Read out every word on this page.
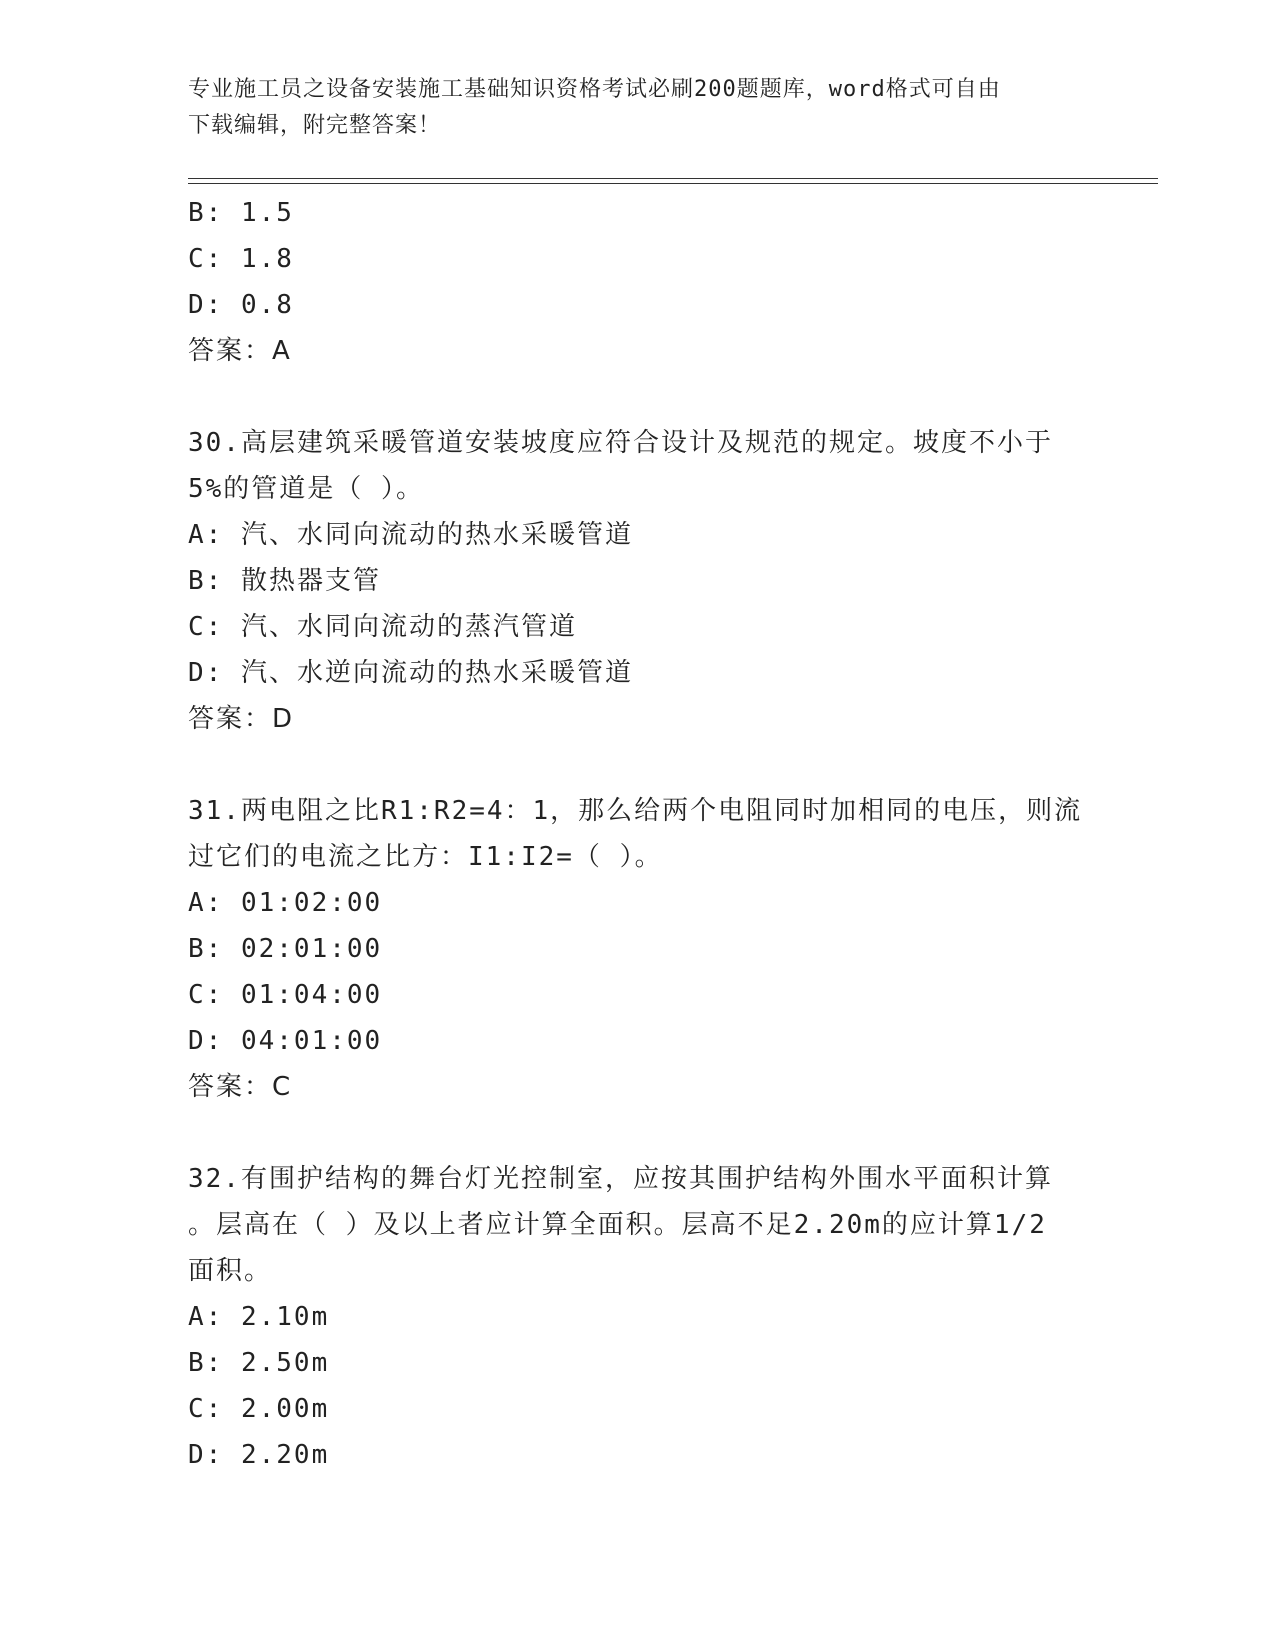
专业施工员之设备安装施工基础知识资格考试必刷200题题库，word格式可自由
下载编辑，附完整答案！
B: 1.5
C: 1.8
D: 0.8
答案：A
30.高层建筑采暖管道安装坡度应符合设计及规范的规定。坡度不小于
5%的管道是（ ）。
A: 汽、水同向流动的热水采暖管道
B: 散热器支管
C: 汽、水同向流动的蒸汽管道
D: 汽、水逆向流动的热水采暖管道
答案：D
31.两电阻之比R1:R2=4：1，那么给两个电阻同时加相同的电压，则流
过它们的电流之比方：I1:I2=（ ）。
A: 01:02:00
B: 02:01:00
C: 01:04:00
D: 04:01:00
答案：C
32.有围护结构的舞台灯光控制室，应按其围护结构外围水平面积计算
。层高在（ ）及以上者应计算全面积。层高不足2.20m的应计算1/2
面积。
A: 2.10m
B: 2.50m
C: 2.00m
D: 2.20m
